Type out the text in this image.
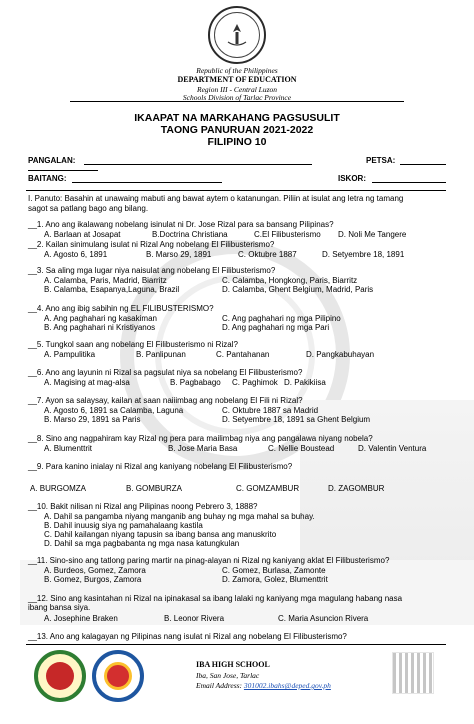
Republic of the Philippines
DEPARTMENT OF EDUCATION
Region III - Central Luzon
Schools Division of Tarlac Province
IKAAPAT NA MARKAHANG PAGSUSULIT
TAONG PANURUAN 2021-2022
FILIPINO 10
PANGALAN:	PETSA:
BAITANG:	ISKOR:
I. Panuto: Basahin at unawaing mabuti ang bawat aytem o katanungan. Piliin at isulat ang letra ng tamang
sagot sa patlang bago ang bilang.
__1. Ano ang ikalawang nobelang isinulat ni Dr. Jose Rizal para sa bansang Pilipinas?
A. Barlaan at Josapat	B.Doctrina Christiana	C.El Filibusterismo D. Noli Me Tangere
__2. Kailan sinimulang isulat ni Rizal Ang nobelang El Filibusterismo?
A. Agosto 6, 1891	B. Marso 29, 1891	C. Oktubre 1887	D. Setyembre 18, 1891
__3. Sa aling mga lugar niya naisulat ang nobelang El Filibusterismo?
A. Calamba, Paris, Madrid, Biarritz	C. Calamba, Hongkong, Paris, Biarritz
B. Calamba, Esapanya,Laguna, Brazil	D. Calamba, Ghent Belgium, Madrid, Paris
__4. Ano ang ibig sabihin ng EL FILIBUSTERISMO?
A. Ang paghahari ng kasakiman	C. Ang paghahari ng mga Pilipino
B. Ang paghahari ni Kristiyanos	D. Ang paghahari ng mga Pari
__5. Tungkol saan ang nobelang El Filibusterismo ni Rizal?
A. Pampulitika	B. Panlipunan	C. Pantahanan	D. Pangkabuhayan
__6. Ano ang layunin ni Rizal sa pagsulat niya sa nobelang El Filibusterismo?
A. Magising at mag-alsa	B. Pagbabago C. Paghimok D. Pakikiisa
__7. Ayon sa salaysay, kailan at saan naiiimbag ang nobelang El Fili ni Rizal?
A. Agosto 6, 1891 sa Calamba, Laguna	C. Oktubre 1887 sa Madrid
B. Marso 29, 1891 sa Paris	D. Setyembre 18, 1891 sa Ghent Belgium
__8. Sino ang nagpahiram kay Rizal ng pera para mailimbag niya ang pangalawa niyang nobela?
A. Blumenttrit	B. Jose Maria Basa	C. Nellie Boustead	D. Valentin Ventura
__9. Para kanino inialay ni Rizal ang kaniyang nobelang El Filibusterismo?
A. BURGOMZA	B. GOMBURZA	C. GOMZAMBUR	D. ZAGOMBUR
__10. Bakit nilisan ni Rizal ang Pilipinas noong Pebrero 3, 1888?
A. Dahil sa pangamba niyang manganib ang buhay ng mga mahal sa buhay.
B. Dahil inuusig siya ng pamahalaang kastila
C. Dahil kailangan niyang tapusin sa ibang bansa ang manuskrito
D. Dahil sa mga pagbabanta ng mga nasa katungkulan
__11. Sino-sino ang tatlong paring martir na pinag-alayan ni Rizal ng kaniyang aklat El Filibusterismo?
A. Burdeos, Gomez, Zamora	C. Gomez, Burlasa, Zamonte
B. Gomez, Burgos, Zamora	D. Zamora, Golez, Blumenttrit
__12. Sino ang kasintahan ni Rizal na ipinakasal sa ibang lalaki ng kaniyang mga magulang habang nasa
ibang bansa siya.
A. Josephine Braken	B. Leonor Rivera	C. Maria Asuncion Rivera
__13. Ano ang kalagayan ng Pilipinas nang isulat ni Rizal ang nobelang El Filibusterismo?
IBA HIGH SCHOOL
Iba, San Jose, Tarlac
Email Address: 301002.ibahs@deped.gov.ph
